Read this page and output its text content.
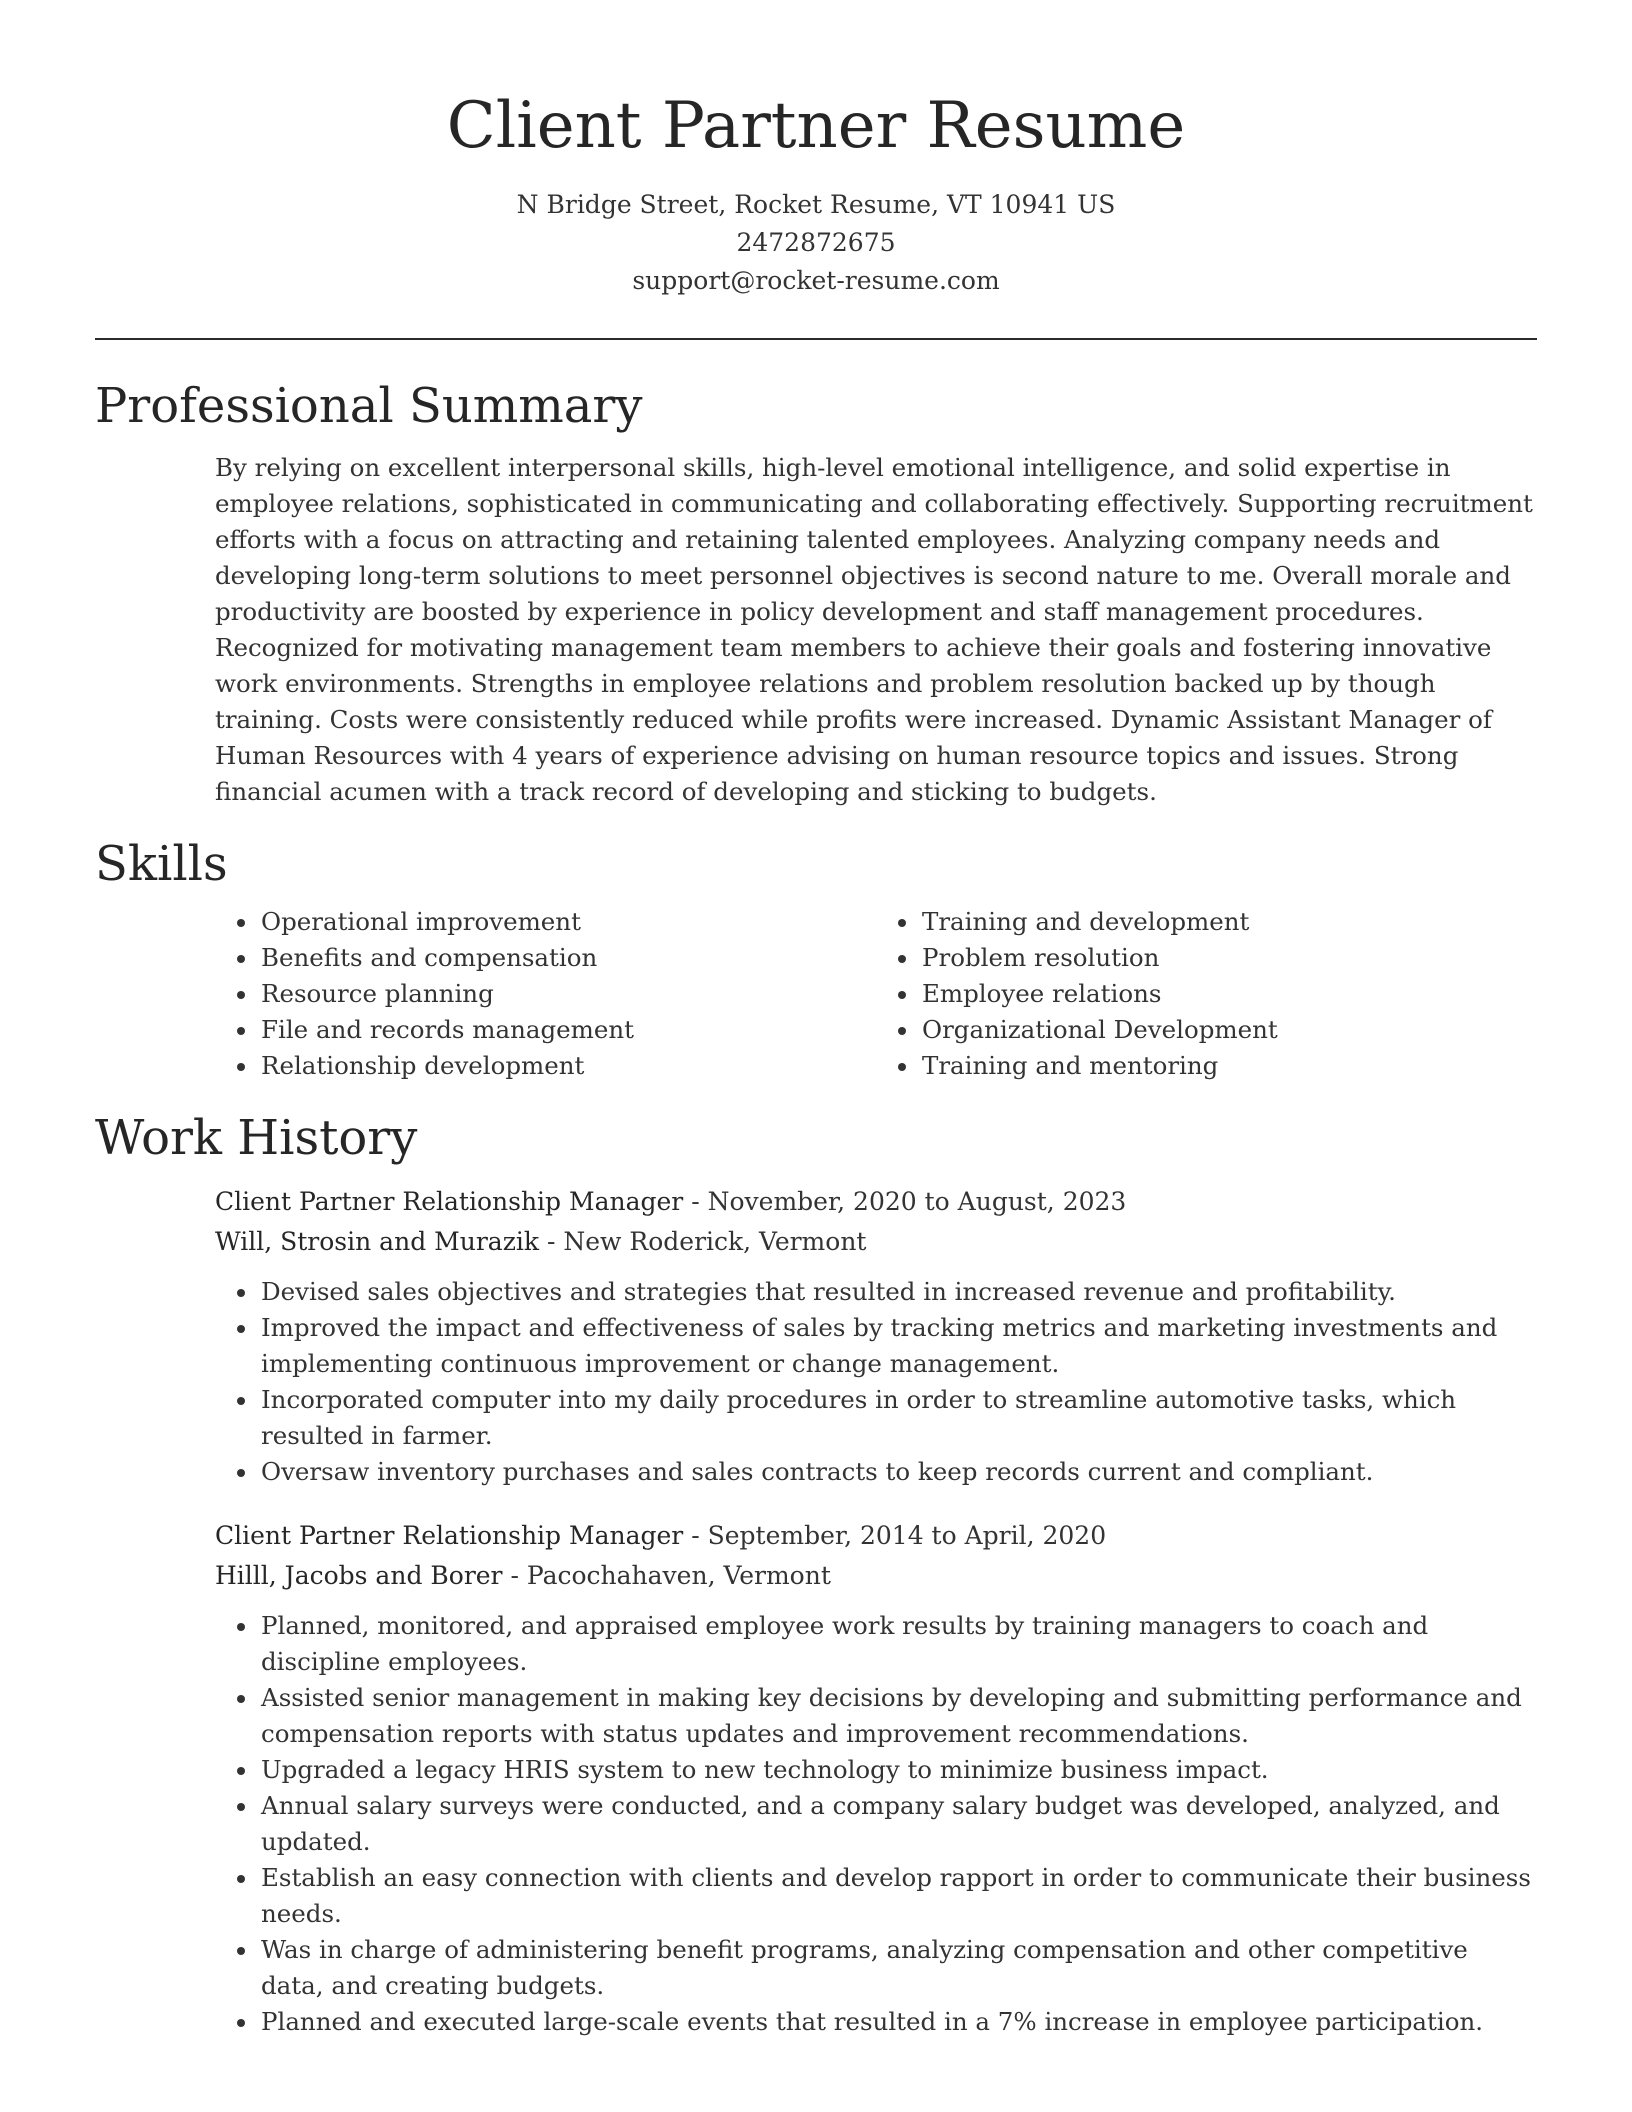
Client Partner Resume
N Bridge Street, Rocket Resume, VT 10941 US
2472872675
support@rocket-resume.com
Professional Summary

By relying on excellent interpersonal skills, high-level emotional intelligence, and solid expertise in employee relations, sophisticated in communicating and collaborating effectively. Supporting recruitment efforts with a focus on attracting and retaining talented employees. Analyzing company needs and developing long-term solutions to meet personnel objectives is second nature to me. Overall morale and productivity are boosted by experience in policy development and staff management procedures. Recognized for motivating management team members to achieve their goals and fostering innovative work environments. Strengths in employee relations and problem resolution backed up by though training. Costs were consistently reduced while profits were increased. Dynamic Assistant Manager of Human Resources with 4 years of experience advising on human resource topics and issues. Strong financial acumen with a track record of developing and sticking to budgets.

Skills
• Operational improvement
• Benefits and compensation
• Resource planning
• File and records management
• Relationship development
• Training and development
• Problem resolution
• Employee relations
• Organizational Development
• Training and mentoring
Work History
Client Partner Relationship Manager - November, 2020 to August, 2023
Will, Strosin and Murazik - New Roderick, Vermont
• Devised sales objectives and strategies that resulted in increased revenue and profitability.
• Improved the impact and effectiveness of sales by tracking metrics and marketing investments and implementing continuous improvement or change management.
• Incorporated computer into my daily procedures in order to streamline automotive tasks, which resulted in farmer.
• Oversaw inventory purchases and sales contracts to keep records current and compliant.
Client Partner Relationship Manager - September, 2014 to April, 2020
Hilll, Jacobs and Borer - Pacochahaven, Vermont
• Planned, monitored, and appraised employee work results by training managers to coach and discipline employees.
• Assisted senior management in making key decisions by developing and submitting performance and compensation reports with status updates and improvement recommendations.
• Upgraded a legacy HRIS system to new technology to minimize business impact.
• Annual salary surveys were conducted, and a company salary budget was developed, analyzed, and updated.
• Establish an easy connection with clients and develop rapport in order to communicate their business needs.
• Was in charge of administering benefit programs, analyzing compensation and other competitive data, and creating budgets.
• Planned and executed large-scale events that resulted in a 7% increase in employee participation.
